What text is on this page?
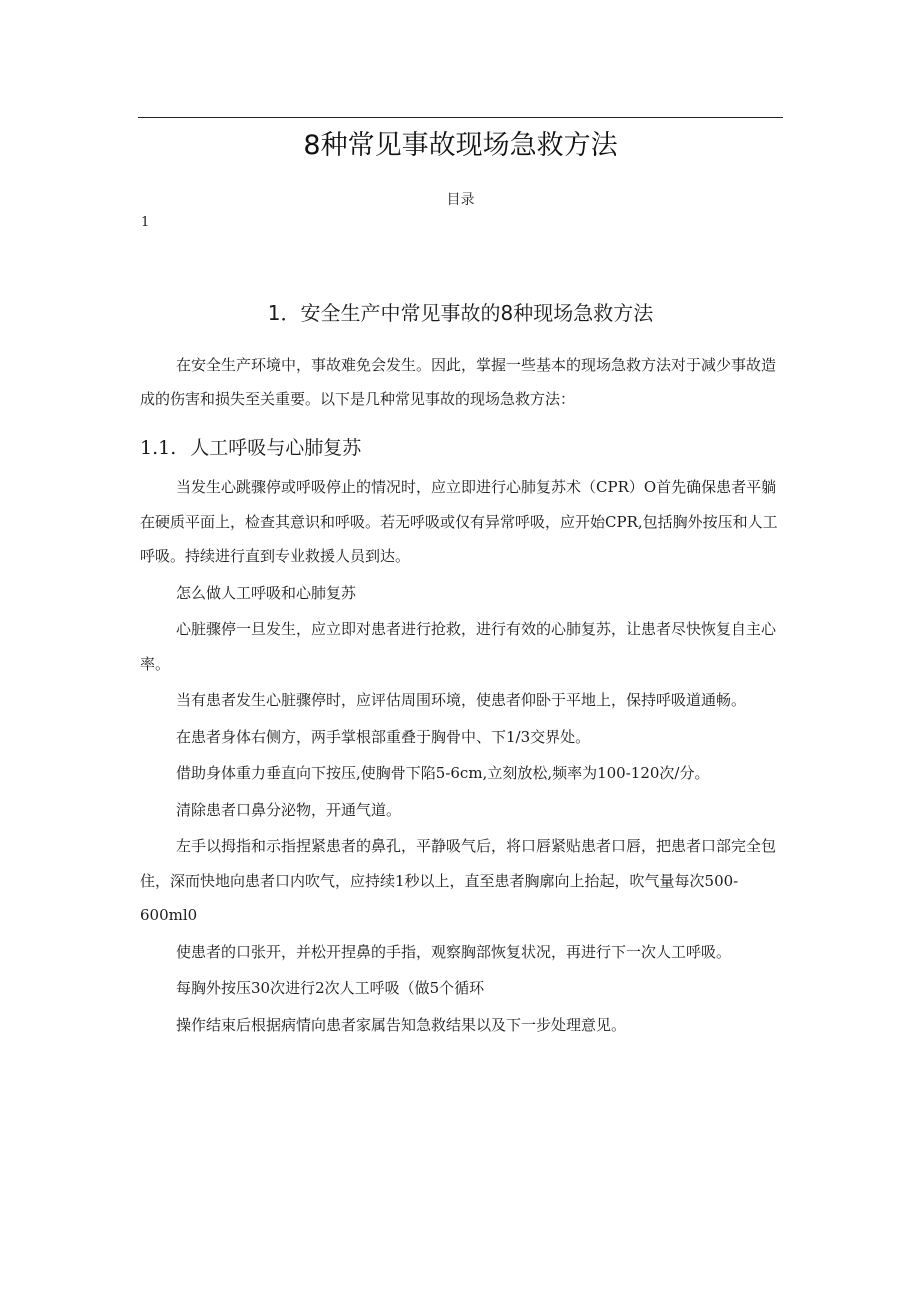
8种常见事故现场急救方法
目录
1
1．安全生产中常见事故的8种现场急救方法

在安全生产环境中，事故难免会发生。因此，掌握一些基本的现场急救方法对于减少事故造成的伤害和损失至关重要。以下是几种常见事故的现场急救方法：

1.1. 人工呼吸与心肺复苏

当发生心跳骤停或呼吸停止的情况时，应立即进行心肺复苏术（CPR）O首先确保患者平躺在硬质平面上，检查其意识和呼吸。若无呼吸或仅有异常呼吸，应开始CPR,包括胸外按压和人工呼吸。持续进行直到专业救援人员到达。

怎么做人工呼吸和心肺复苏

心脏骤停一旦发生，应立即对患者进行抢救，进行有效的心肺复苏，让患者尽快恢复自主心率。

当有患者发生心脏骤停时，应评估周围环境，使患者仰卧于平地上，保持呼吸道通畅。

在患者身体右侧方，两手掌根部重叠于胸骨中、下1/3交界处。

借助身体重力垂直向下按压,使胸骨下陷5-6cm,立刻放松,频率为100-120次/分。

清除患者口鼻分泌物，开通气道。

左手以拇指和示指捏紧患者的鼻孔，平静吸气后，将口唇紧贴患者口唇，把患者口部完全包住，深而快地向患者口内吹气，应持续1秒以上，直至患者胸廓向上抬起，吹气量每次500-600ml0

使患者的口张开，并松开捏鼻的手指，观察胸部恢复状况，再进行下一次人工呼吸。

每胸外按压30次进行2次人工呼吸（做5个循环

操作结束后根据病情向患者家属告知急救结果以及下一步处理意见。
